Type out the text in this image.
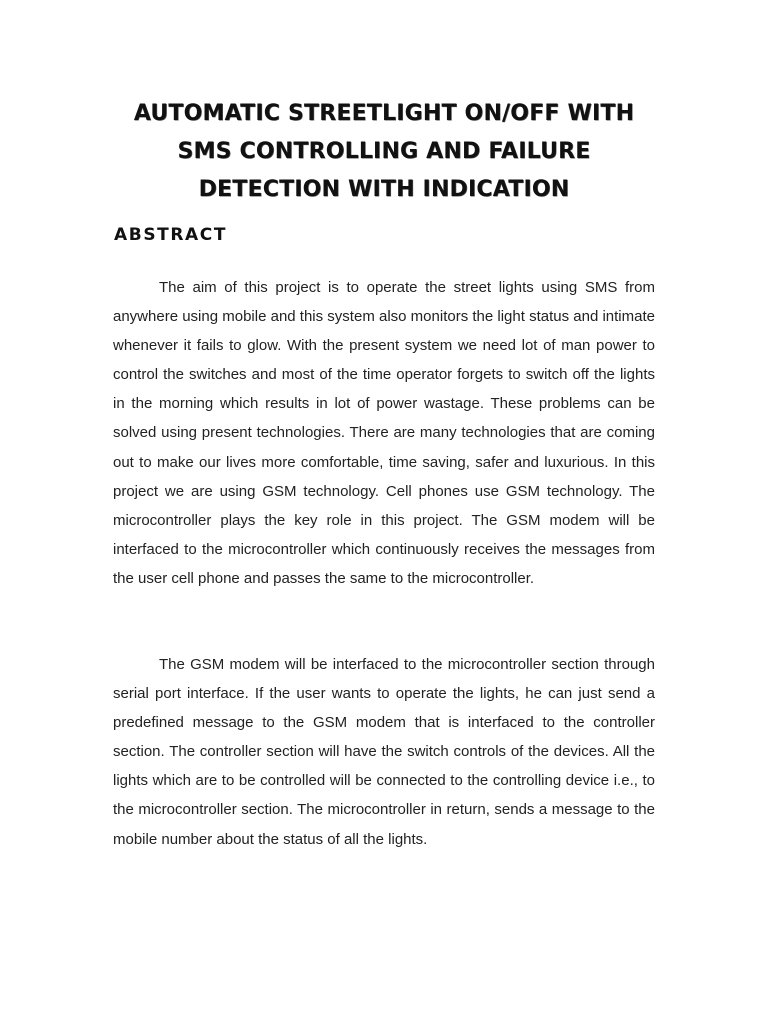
AUTOMATIC STREETLIGHT ON/OFF WITH
SMS CONTROLLING AND FAILURE
DETECTION WITH INDICATION
ABSTRACT

The aim of this project is to operate the street lights using SMS from anywhere using mobile and this system also monitors the light status and intimate whenever it fails to glow. With the present system we need lot of man power to control the switches and most of the time operator forgets to switch off the lights in the morning which results in lot of power wastage. These problems can be solved using present technologies. There are many technologies that are coming out to make our lives more comfortable, time saving, safer and luxurious. In this project we are using GSM technology. Cell phones use GSM technology. The microcontroller plays the key role in this project. The GSM modem will be interfaced to the microcontroller which continuously receives the messages from the user cell phone and passes the same to the microcontroller.

The GSM modem will be interfaced to the microcontroller section through serial port interface. If the user wants to operate the lights, he can just send a predefined message to the GSM modem that is interfaced to the controller section. The controller section will have the switch controls of the devices. All the lights which are to be controlled will be connected to the controlling device i.e., to the microcontroller section. The microcontroller in return, sends a message to the mobile number about the status of all the lights.
